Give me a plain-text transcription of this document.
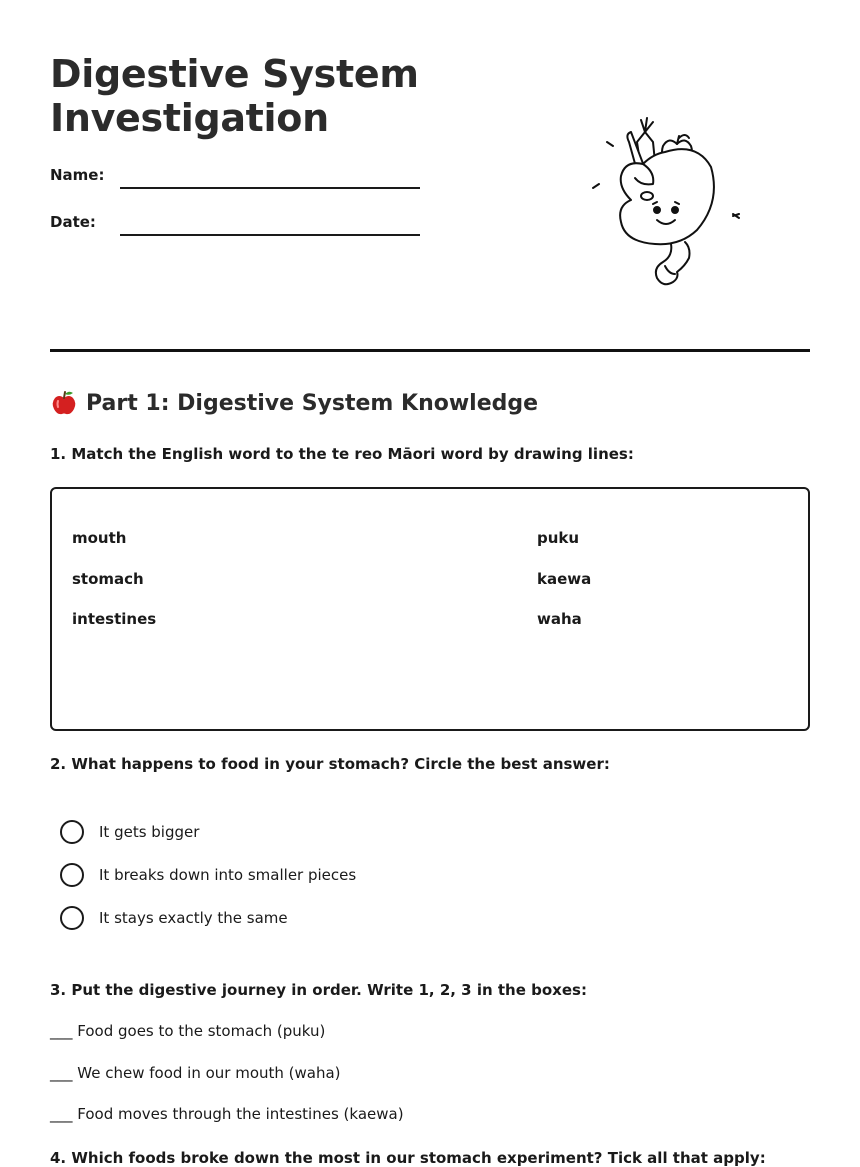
Digestive System
Investigation
Name:
Date:
Part 1: Digestive System Knowledge

1. Match the English word to the te reo Māori word by drawing lines:

mouth
stomach
intestines
puku
kaewa
waha

2. What happens to food in your stomach? Circle the best answer:

It gets bigger
It breaks down into smaller pieces
It stays exactly the same

3. Put the digestive journey in order. Write 1, 2, 3 in the boxes:

___ Food goes to the stomach (puku)
___ We chew food in our mouth (waha)
___ Food moves through the intestines (kaewa)

4. Which foods broke down the most in our stomach experiment? Tick all that apply:
